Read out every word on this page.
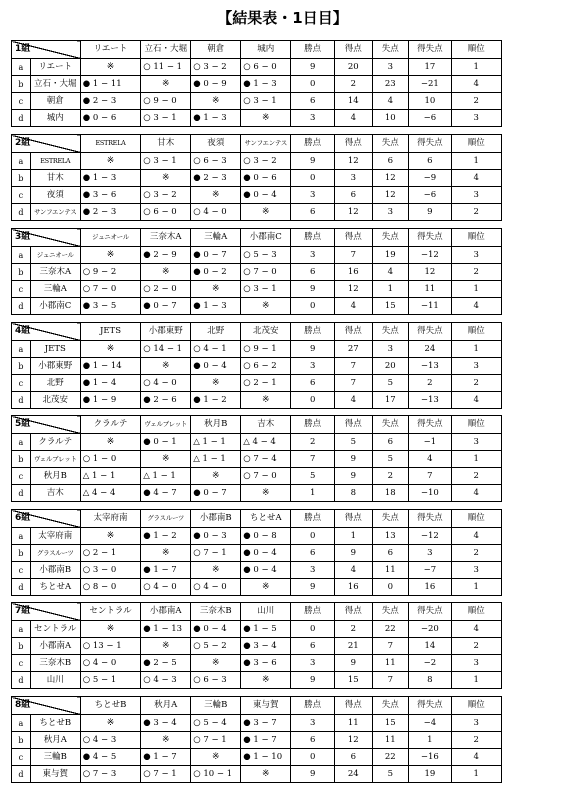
【結果表・1日目】
1組		リエート	立石・大堀	朝倉	城内	勝点	得点	失点	得失点	順位
a	リエート	※	○ 11 − 1	○ 3 − 2	○ 6 − 0	9	20	3	17	1
b	立石・大堀	● 1 − 11	※	● 0 − 9	● 1 − 3	0	2	23	−21	4
c	朝倉	● 2 − 3	○ 9 − 0	※	○ 3 − 1	6	14	4	10	2
d	城内	● 0 − 6	○ 3 − 1	● 1 − 3	※	3	4	10	−6	3
2組		ESTRELA	甘木	夜須	サンフエンテス	勝点	得点	失点	得失点	順位
a	ESTRELA	※	○ 3 − 1	○ 6 − 3	○ 3 − 2	9	12	6	6	1
b	甘木	● 1 − 3	※	● 2 − 3	● 0 − 6	0	3	12	−9	4
c	夜須	● 3 − 6	○ 3 − 2	※	● 0 − 4	3	6	12	−6	3
d	サンフエンテス	● 2 − 3	○ 6 − 0	○ 4 − 0	※	6	12	3	9	2
3組		ジュニオール	三奈木A	三輪A	小郡南C	勝点	得点	失点	得失点	順位
a	ジュニオール	※	● 2 − 9	● 0 − 7	○ 5 − 3	3	7	19	−12	3
b	三奈木A	○ 9 − 2	※	● 0 − 2	○ 7 − 0	6	16	4	12	2
c	三輪A	○ 7 − 0	○ 2 − 0	※	○ 3 − 1	9	12	1	11	1
d	小郡南C	● 3 − 5	● 0 − 7	● 1 − 3	※	0	4	15	−11	4
4組		JETS	小郡東野	北野	北茂安	勝点	得点	失点	得失点	順位
a	JETS	※	○ 14 − 1	○ 4 − 1	○ 9 − 1	9	27	3	24	1
b	小郡東野	● 1 − 14	※	● 0 − 4	○ 6 − 2	3	7	20	−13	3
c	北野	● 1 − 4	○ 4 − 0	※	○ 2 − 1	6	7	5	2	2
d	北茂安	● 1 − 9	● 2 − 6	● 1 − 2	※	0	4	17	−13	4
5組		クラルテ	ヴェルブレット	秋月B	吉木	勝点	得点	失点	得失点	順位
a	クラルテ	※	● 0 − 1	△ 1 − 1	△ 4 − 4	2	5	6	−1	3
b	ヴェルブレット	○ 1 − 0	※	△ 1 − 1	○ 7 − 4	7	9	5	4	1
c	秋月B	△ 1 − 1	△ 1 − 1	※	○ 7 − 0	5	9	2	7	2
d	吉木	△ 4 − 4	● 4 − 7	● 0 − 7	※	1	8	18	−10	4
6組		太宰府南	グラスルーツ	小郡南B	ちとせA	勝点	得点	失点	得失点	順位
a	太宰府南	※	● 1 − 2	● 0 − 3	● 0 − 8	0	1	13	−12	4
b	グラスルーツ	○ 2 − 1	※	○ 7 − 1	● 0 − 4	6	9	6	3	2
c	小郡南B	○ 3 − 0	● 1 − 7	※	● 0 − 4	3	4	11	−7	3
d	ちとせA	○ 8 − 0	○ 4 − 0	○ 4 − 0	※	9	16	0	16	1
7組		セントラル	小郡南A	三奈木B	山川	勝点	得点	失点	得失点	順位
a	セントラル	※	● 1 − 13	● 0 − 4	● 1 − 5	0	2	22	−20	4
b	小郡南A	○ 13 − 1	※	○ 5 − 2	● 3 − 4	6	21	7	14	2
c	三奈木B	○ 4 − 0	● 2 − 5	※	● 3 − 6	3	9	11	−2	3
d	山川	○ 5 − 1	○ 4 − 3	○ 6 − 3	※	9	15	7	8	1
8組		ちとせB	秋月A	三輪B	東与賀	勝点	得点	失点	得失点	順位
a	ちとせB	※	● 3 − 4	○ 5 − 4	● 3 − 7	3	11	15	−4	3
b	秋月A	○ 4 − 3	※	○ 7 − 1	● 1 − 7	6	12	11	1	2
c	三輪B	● 4 − 5	● 1 − 7	※	● 1 − 10	0	6	22	−16	4
d	東与賀	○ 7 − 3	○ 7 − 1	○ 10 − 1	※	9	24	5	19	1
